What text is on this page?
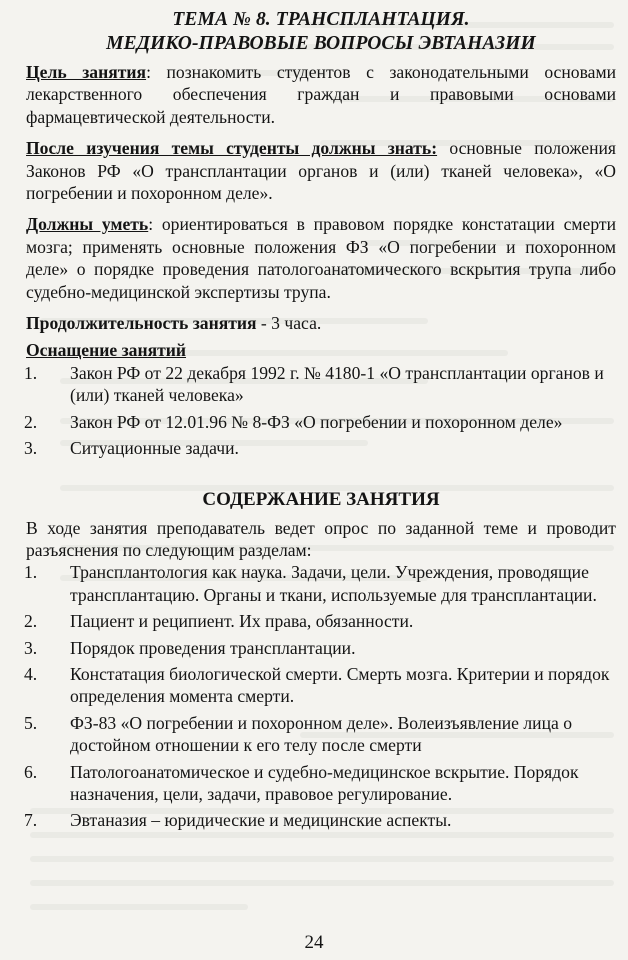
ТЕМА № 8. ТРАНСПЛАНТАЦИЯ.
МЕДИКО-ПРАВОВЫЕ ВОПРОСЫ ЭВТАНАЗИИ

Цель занятия: познакомить студентов с законодательными основами лекарственного обеспечения граждан и правовыми основами фармацевтической деятельности.

После изучения темы студенты должны знать: основные положения Законов РФ «О трансплантации органов и (или) тканей человека», «О погребении и похоронном деле».

Должны уметь: ориентироваться в правовом порядке констатации смерти мозга; применять основные положения ФЗ «О погребении и похоронном деле» о порядке проведения патологоанатомического вскрытия трупа либо судебно-медицинской экспертизы трупа.

Продолжительность занятия - 3 часа.

Оснащение занятий

1.	Закон РФ от 22 декабря 1992 г. № 4180-1 «О трансплантации органов и (или) тканей человека»
2.	Закон РФ от 12.01.96 № 8-ФЗ «О погребении и похоронном деле»
3.	Ситуационные задачи.
СОДЕРЖАНИЕ ЗАНЯТИЯ

В ходе занятия преподаватель ведет опрос по заданной теме и проводит разъяснения по следующим разделам:

1.	Трансплантология как наука. Задачи, цели. Учреждения, проводящие трансплантацию. Органы и ткани, используемые для трансплантации.
2.	Пациент и реципиент. Их права, обязанности.
3.	Порядок проведения трансплантации.
4.	Констатация биологической смерти. Смерть мозга. Критерии и порядок определения момента смерти.
5.	ФЗ-83 «О погребении и похоронном деле». Волеизъявление лица о достойном отношении к его телу после смерти
6.	Патологоанатомическое и судебно-медицинское вскрытие. Порядок назначения, цели, задачи, правовое регулирование.
7.	Эвтаназия – юридические и медицинские аспекты.
24
